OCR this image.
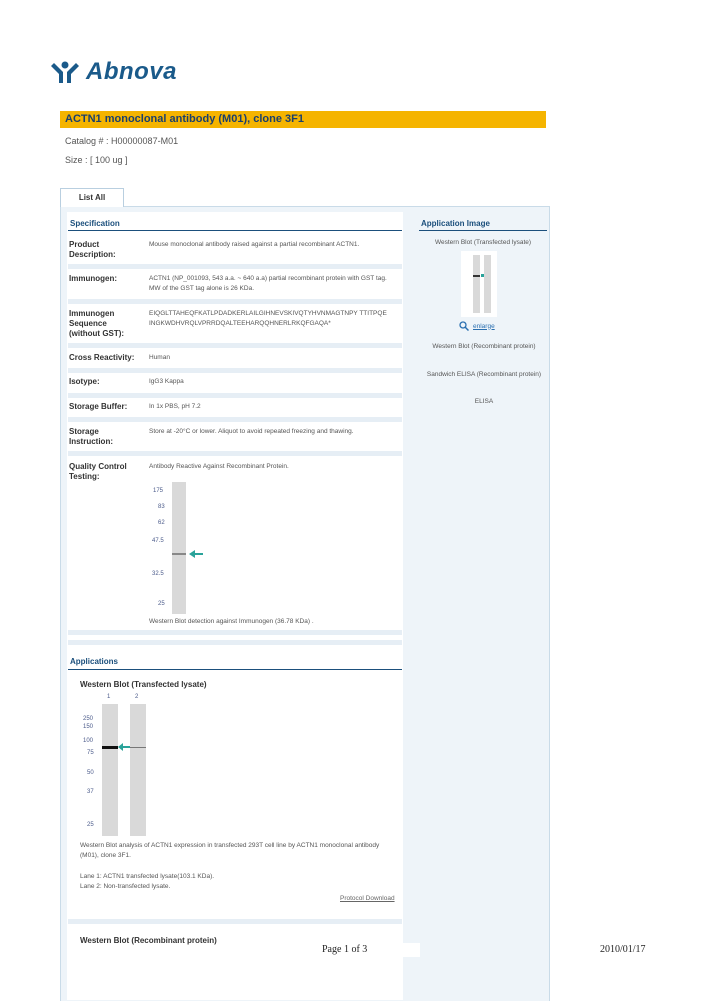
Abnova
ACTN1 monoclonal antibody (M01), clone 3F1
Catalog # : H00000087-M01
Size : [ 100 ug ]
List All
Specification
Product Description:
Mouse monoclonal antibody raised against a partial recombinant ACTN1.
Immunogen:	ACTN1 (NP_001093, 543 a.a. ~ 640 a.a) partial recombinant protein with GST tag. MW of the GST tag alone is 26 KDa.
Immunogen Sequence (without GST):
EIQGLTTAHEQFKATLPDADKERLAILGIHNEVSKIVQTYHVNMAGTNPY TTITPQEINGKWDHVRQLVPRRDQALTEEHARQQHNERLRKQFGAQA*
Cross Reactivity:	Human
Isotype:	IgG3 Kappa
Storage Buffer:	In 1x PBS, pH 7.2
Storage Instruction:
Store at -20°C or lower. Aliquot to avoid repeated freezing and thawing.
Quality Control Testing:
Antibody Reactive Against Recombinant Protein.
175
83
62
47.5
32.5
25
Western Blot detection against Immunogen (36.78 KDa) .
Application Image
Western Blot (Transfected lysate)
enlarge
Western Blot (Recombinant protein)
Sandwich ELISA (Recombinant protein)
ELISA
Applications
Western Blot (Transfected lysate)
1	2
250
150
100
75
50
37
25
Western Blot analysis of ACTN1 expression in transfected 293T cell line by ACTN1 monoclonal antibody (M01), clone 3F1.
Lane 1: ACTN1 transfected lysate(103.1 KDa).
Lane 2: Non-transfected lysate.
Protocol Download
Western Blot (Recombinant protein)
Page 1 of 3	2010/01/17
